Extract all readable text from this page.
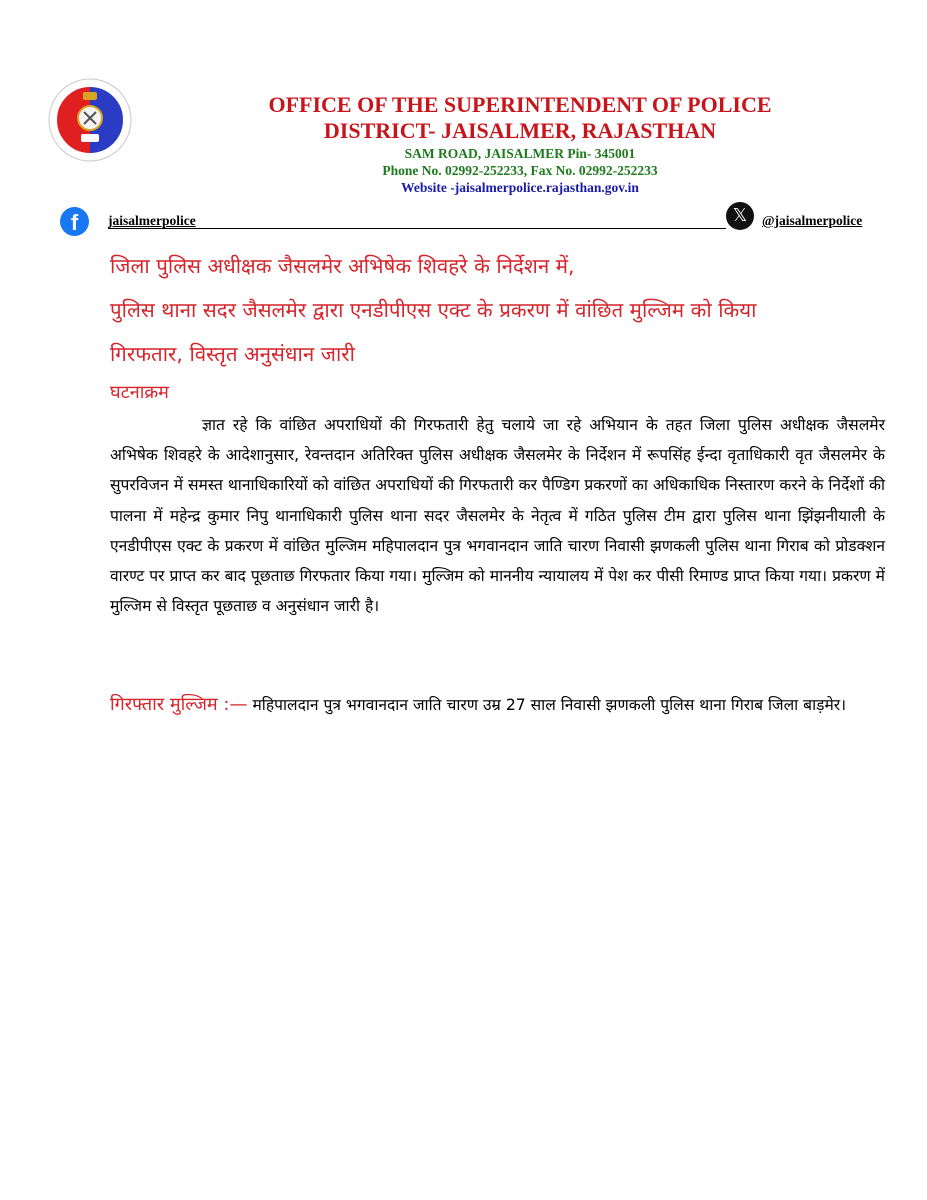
OFFICE OF THE SUPERINTENDENT OF POLICE
DISTRICT- JAISALMER, RAJASTHAN
SAM ROAD, JAISALMER Pin- 345001
Phone No. 02992-252233, Fax No. 02992-252233
Website -jaisalmerpolice.rajasthan.gov.in
f	jaisalmerpolice	𝕏	@jaisalmerpolice
जिला पुलिस अधीक्षक जैसलमेर अभिषेक शिवहरे के निर्देशन में,
पुलिस थाना सदर जैसलमेर द्वारा एनडीपीएस एक्ट के प्रकरण में वांछित मुल्जिम को किया
गिरफतार, विस्तृत अनुसंधान जारी
घटनाक्रम

ज्ञात रहे कि वांछित अपराधियों की गिरफतारी हेतु चलाये जा रहे अभियान के तहत जिला पुलिस अधीक्षक जैसलमेर अभिषेक शिवहरे के आदेशानुसार, रेवन्तदान अतिरिक्त पुलिस अधीक्षक जैसलमेर के निर्देशन में रूपसिंह ईन्दा वृताधिकारी वृत जैसलमेर के सुपरविजन में समस्त थानाधिकारियों को वांछित अपराधियों की गिरफतारी कर पैण्डिग प्रकरणों का अधिकाधिक निस्तारण करने के निर्देशों की पालना में महेन्द्र कुमार निपु थानाधिकारी पुलिस थाना सदर जैसलमेर के नेतृत्व में गठित पुलिस टीम द्वारा पुलिस थाना झिंझनीयाली के एनडीपीएस एक्ट के प्रकरण में वांछित मुल्जिम महिपालदान पुत्र भगवानदान जाति चारण निवासी झणकली पुलिस थाना गिराब को प्रोडक्शन वारण्ट पर प्राप्त कर बाद पूछताछ गिरफतार किया गया। मुल्जिम को माननीय न्यायालय में पेश कर पीसी रिमाण्ड प्राप्त किया गया। प्रकरण में मुल्जिम से विस्तृत पूछताछ व अनुसंधान जारी है।

गिरफ्तार मुल्जिम :— महिपालदान पुत्र भगवानदान जाति चारण उम्र 27 साल निवासी झणकली पुलिस थाना गिराब जिला बाड़मेर।
